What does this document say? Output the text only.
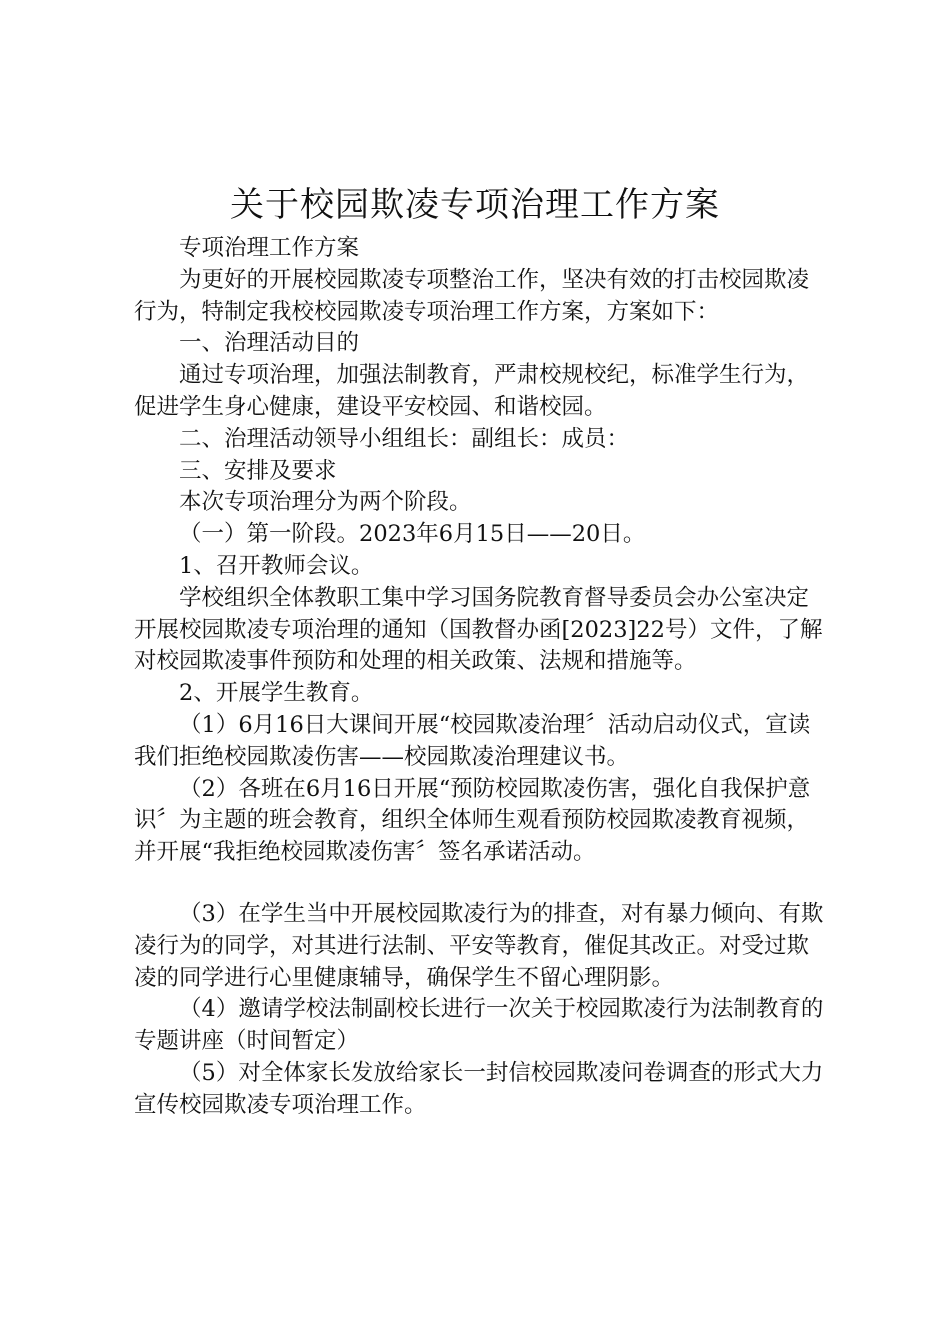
关于校园欺凌专项治理工作方案

专项治理工作方案

为更好的开展校园欺凌专项整治工作，坚决有效的打击校园欺凌行为，特制定我校校园欺凌专项治理工作方案，方案如下：

一、治理活动目的

通过专项治理，加强法制教育，严肃校规校纪，标准学生行为，促进学生身心健康，建设平安校园、和谐校园。

二、治理活动领导小组组长：副组长：成员：

三、安排及要求

本次专项治理分为两个阶段。

（一）第一阶段。2023年6月15日——20日。

1、召开教师会议。

学校组织全体教职工集中学习国务院教育督导委员会办公室决定开展校园欺凌专项治理的通知（国教督办函[2023]22号）文件，了解对校园欺凌事件预防和处理的相关政策、法规和措施等。

2、开展学生教育。

（1）6月16日大课间开展“校园欺凌治理〞活动启动仪式，宣读我们拒绝校园欺凌伤害——校园欺凌治理建议书。

（2）各班在6月16日开展“预防校园欺凌伤害，强化自我保护意识〞为主题的班会教育，组织全体师生观看预防校园欺凌教育视频，并开展“我拒绝校园欺凌伤害〞签名承诺活动。

（3）在学生当中开展校园欺凌行为的排查，对有暴力倾向、有欺凌行为的同学，对其进行法制、平安等教育，催促其改正。对受过欺凌的同学进行心里健康辅导，确保学生不留心理阴影。

（4）邀请学校法制副校长进行一次关于校园欺凌行为法制教育的专题讲座（时间暂定）

（5）对全体家长发放给家长一封信校园欺凌问卷调查的形式大力宣传校园欺凌专项治理工作。
